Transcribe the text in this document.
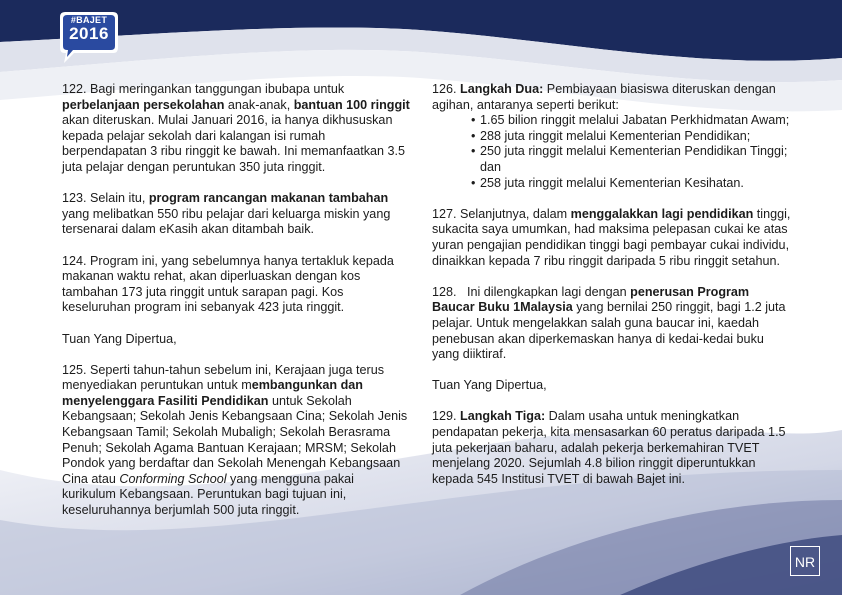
#BAJET
2016

122. Bagi meringankan tanggungan ibubapa untuk perbelanjaan persekolahan anak-anak, bantuan 100 ringgit akan diteruskan. Mulai Januari 2016, ia hanya dikhususkan kepada pelajar sekolah dari kalangan isi rumah berpendapatan 3 ribu ringgit ke bawah. Ini memanfaatkan 3.5 juta pelajar dengan peruntukan 350 juta ringgit.

123. Selain itu, program rancangan makanan tambahan yang melibatkan 550 ribu pelajar dari keluarga miskin yang tersenarai dalam eKasih akan ditambah baik.

124. Program ini, yang sebelumnya hanya tertakluk kepada makanan waktu rehat, akan diperluaskan dengan kos tambahan 173 juta ringgit untuk sarapan pagi. Kos keseluruhan program ini sebanyak 423 juta ringgit.

Tuan Yang Dipertua,

125. Seperti tahun-tahun sebelum ini, Kerajaan juga terus menyediakan peruntukan untuk membangunkan dan menyelenggara Fasiliti Pendidikan untuk Sekolah Kebangsaan; Sekolah Jenis Kebangsaan Cina; Sekolah Jenis Kebangsaan Tamil; Sekolah Mubaligh; Sekolah Berasrama Penuh; Sekolah Agama Bantuan Kerajaan; MRSM; Sekolah Pondok yang berdaftar dan Sekolah Menengah Kebangsaan Cina atau Conforming School yang mengguna pakai kurikulum Kebangsaan. Peruntukan bagi tujuan ini, keseluruhannya berjumlah 500 juta ringgit.

126. Langkah Dua: Pembiayaan biasiswa diteruskan dengan agihan, antaranya seperti berikut:

• 1.65 bilion ringgit melalui Jabatan Perkhidmatan Awam;
• 288 juta ringgit melalui Kementerian Pendidikan;
• 250 juta ringgit melalui Kementerian Pendidikan Tinggi; dan
• 258 juta ringgit melalui Kementerian Kesihatan.

127. Selanjutnya, dalam menggalakkan lagi pendidikan tinggi, sukacita saya umumkan, had maksima pelepasan cukai ke atas yuran pengajian pendidikan tinggi bagi pembayar cukai individu, dinaikkan kepada 7 ribu ringgit daripada 5 ribu ringgit setahun.

128.   Ini dilengkapkan lagi dengan penerusan Program Baucar Buku 1Malaysia yang bernilai 250 ringgit, bagi 1.2 juta pelajar. Untuk mengelakkan salah guna baucar ini, kaedah penebusan akan diperkemaskan hanya di kedai-kedai buku yang diiktiraf.

Tuan Yang Dipertua,

129. Langkah Tiga: Dalam usaha untuk meningkatkan pendapatan pekerja, kita mensasarkan 60 peratus daripada 1.5 juta pekerjaan baharu, adalah pekerja berkemahiran TVET menjelang 2020. Sejumlah 4.8 bilion ringgit diperuntukkan kepada 545 Institusi TVET di bawah Bajet ini.

NR
